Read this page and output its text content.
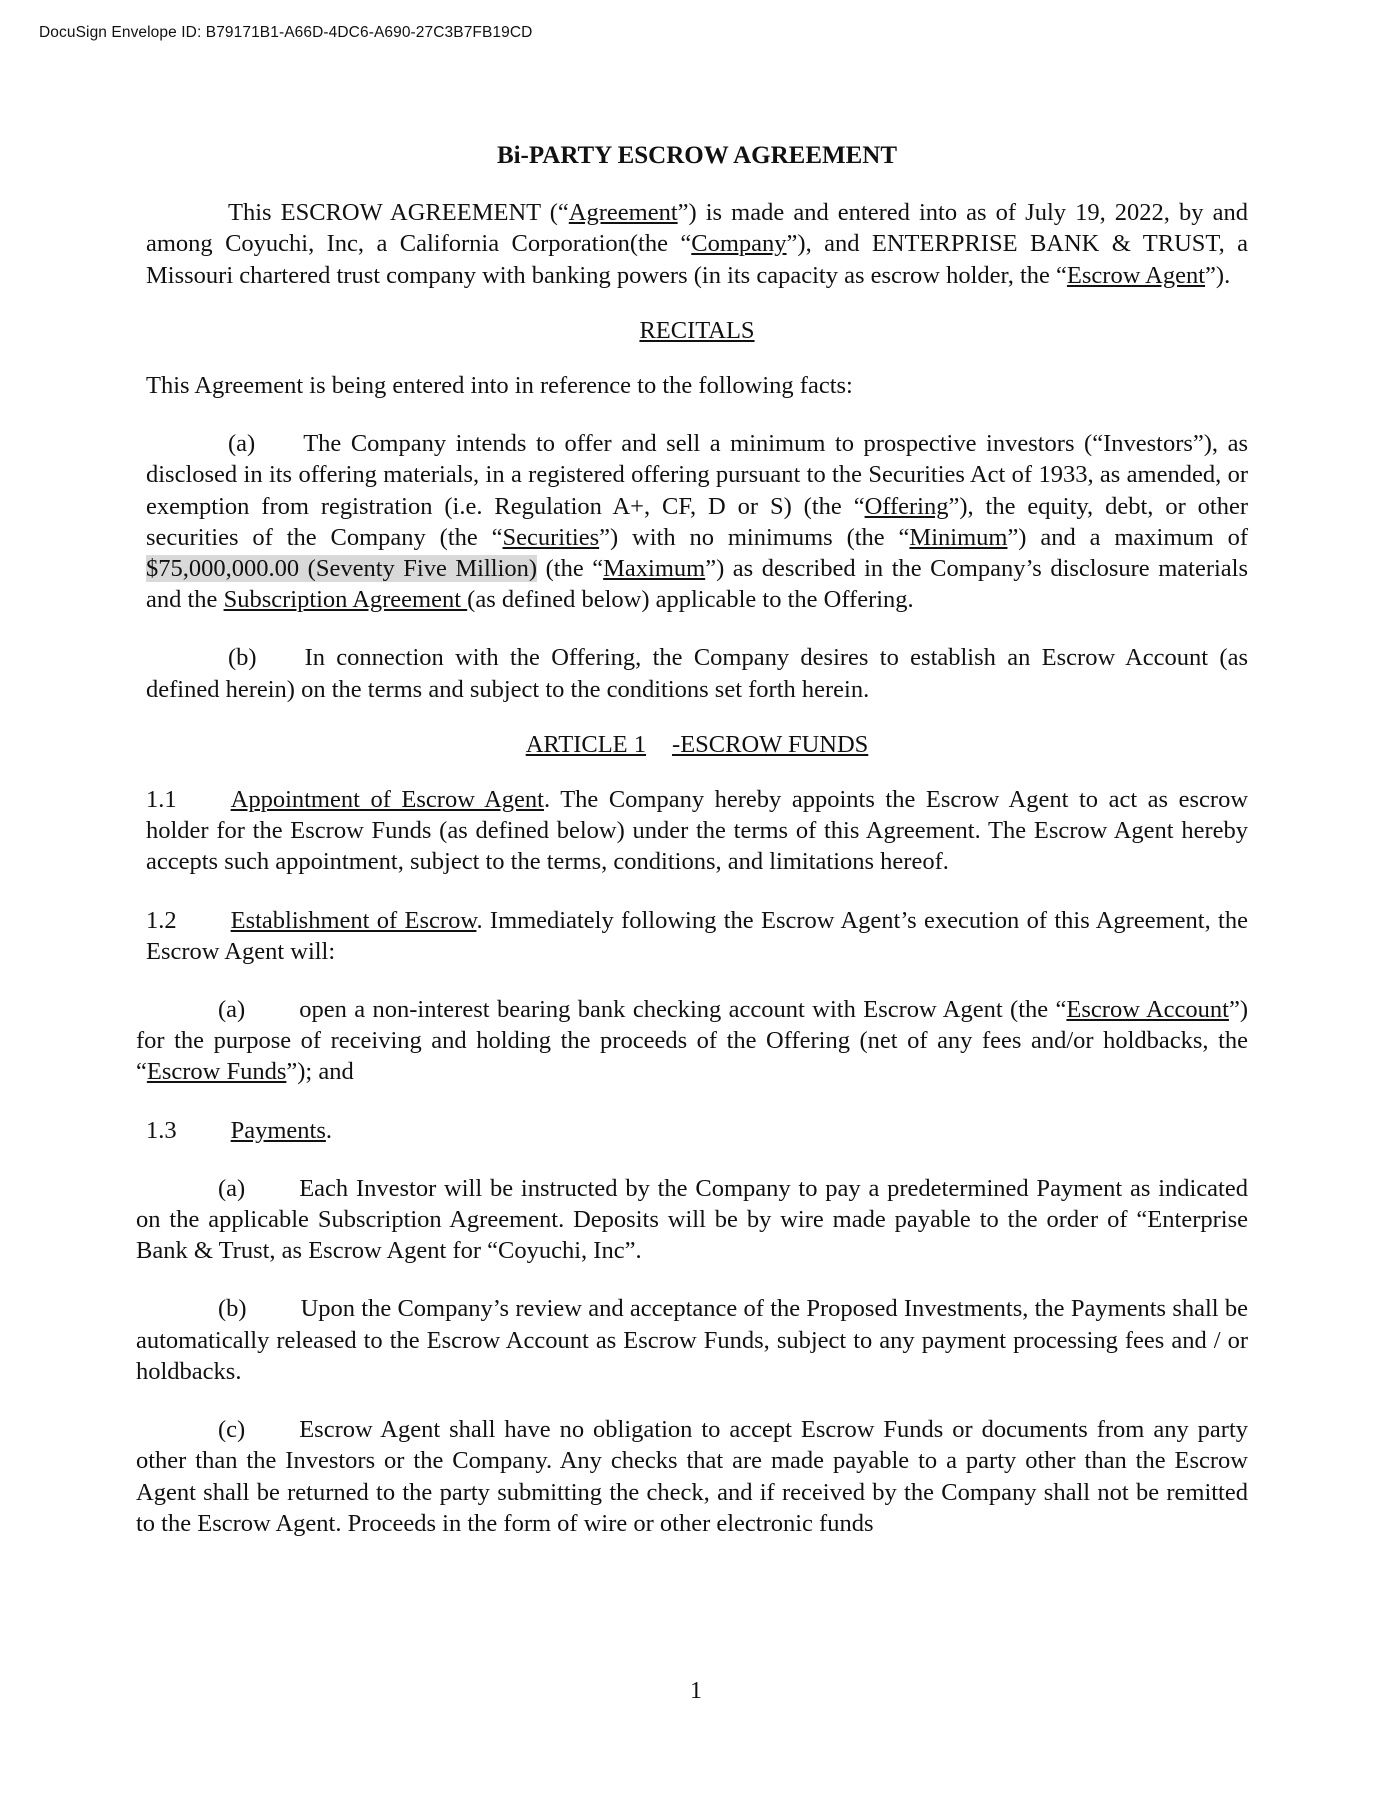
DocuSign Envelope ID: B79171B1-A66D-4DC6-A690-27C3B7FB19CD
Bi-PARTY ESCROW AGREEMENT

This ESCROW AGREEMENT (“Agreement”) is made and entered into as of July 19, 2022, by and among Coyuchi, Inc, a California Corporation(the “Company”), and ENTERPRISE BANK & TRUST, a Missouri chartered trust company with banking powers (in its capacity as escrow holder, the “Escrow Agent”).

RECITALS

This Agreement is being entered into in reference to the following facts:

(a) The Company intends to offer and sell a minimum to prospective investors (“Investors”), as disclosed in its offering materials, in a registered offering pursuant to the Securities Act of 1933, as amended, or exemption from registration (i.e. Regulation A+, CF, D or S) (the “Offering”), the equity, debt, or other securities of the Company (the “Securities”) with no minimums (the “Minimum”) and a maximum of $75,000,000.00 (Seventy Five Million) (the “Maximum”) as described in the Company’s disclosure materials and the Subscription Agreement (as defined below) applicable to the Offering.

(b) In connection with the Offering, the Company desires to establish an Escrow Account (as defined herein) on the terms and subject to the conditions set forth herein.

ARTICLE 1 -ESCROW FUNDS

1.1 Appointment of Escrow Agent. The Company hereby appoints the Escrow Agent to act as escrow holder for the Escrow Funds (as defined below) under the terms of this Agreement. The Escrow Agent hereby accepts such appointment, subject to the terms, conditions, and limitations hereof.

1.2 Establishment of Escrow. Immediately following the Escrow Agent’s execution of this Agreement, the Escrow Agent will:

(a) open a non-interest bearing bank checking account with Escrow Agent (the “Escrow Account”) for the purpose of receiving and holding the proceeds of the Offering (net of any fees and/or holdbacks, the “Escrow Funds”); and

1.3 Payments.

(a) Each Investor will be instructed by the Company to pay a predetermined Payment as indicated on the applicable Subscription Agreement. Deposits will be by wire made payable to the order of “Enterprise Bank & Trust, as Escrow Agent for “Coyuchi, Inc”.

(b) Upon the Company’s review and acceptance of the Proposed Investments, the Payments shall be automatically released to the Escrow Account as Escrow Funds, subject to any payment processing fees and / or holdbacks.

(c) Escrow Agent shall have no obligation to accept Escrow Funds or documents from any party other than the Investors or the Company. Any checks that are made payable to a party other than the Escrow Agent shall be returned to the party submitting the check, and if received by the Company shall not be remitted to the Escrow Agent. Proceeds in the form of wire or other electronic funds

1
